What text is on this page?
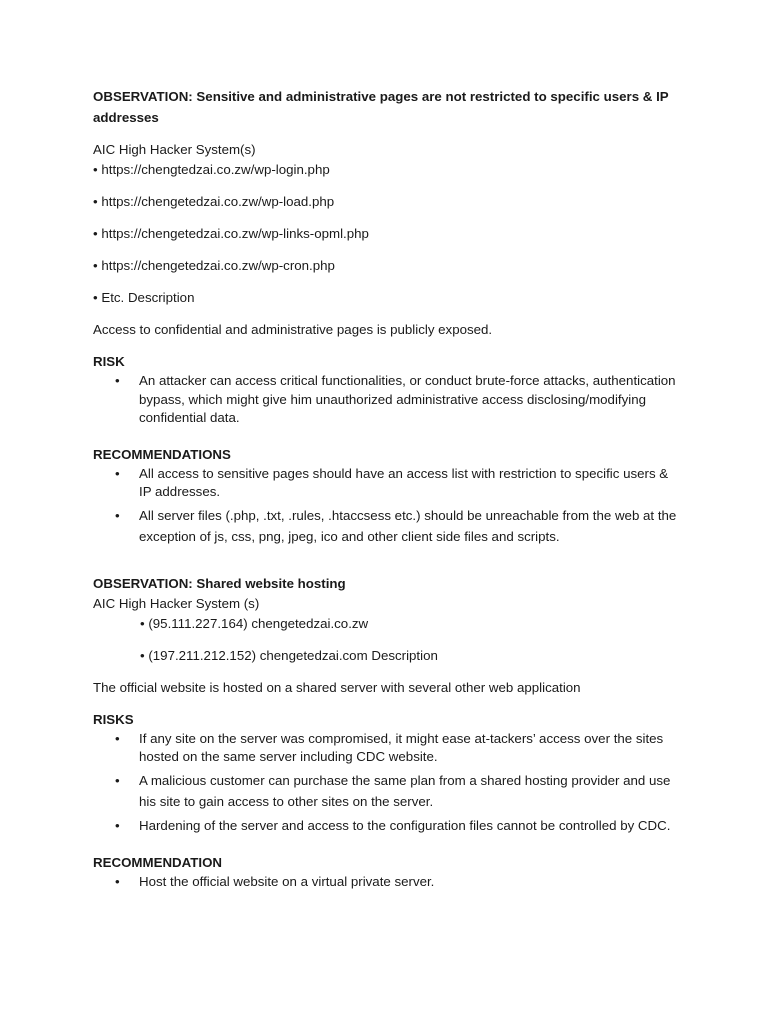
OBSERVATION: Sensitive and administrative pages are not restricted to specific users & IP addresses

AIC High Hacker System(s)

• https://chengtedzai.co.zw/wp-login.php

• https://chengetedzai.co.zw/wp-load.php

• https://chengetedzai.co.zw/wp-links-opml.php

• https://chengetedzai.co.zw/wp-cron.php

• Etc. Description

Access to confidential and administrative pages is publicly exposed.

RISK

• An attacker can access critical functionalities, or conduct brute-force attacks, authentication bypass, which might give him unauthorized administrative access disclosing/modifying confidential data.

RECOMMENDATIONS

• All access to sensitive pages should have an access list with restriction to specific users & IP addresses.
• All server files (.php, .txt, .rules, .htaccsess etc.) should be unreachable from the web at the exception of js, css, png, jpeg, ico and other client side files and scripts.

OBSERVATION: Shared website hosting

AIC High Hacker System (s)

• (95.111.227.164) chengetedzai.co.zw

• (197.211.212.152) chengetedzai.com Description

The official website is hosted on a shared server with several other web application

RISKS

• If any site on the server was compromised, it might ease at-tackers’ access over the sites hosted on the same server including CDC website.
• A malicious customer can purchase the same plan from a shared hosting provider and use his site to gain access to other sites on the server.
• Hardening of the server and access to the configuration files cannot be controlled by CDC.

RECOMMENDATION

• Host the official website on a virtual private server.
